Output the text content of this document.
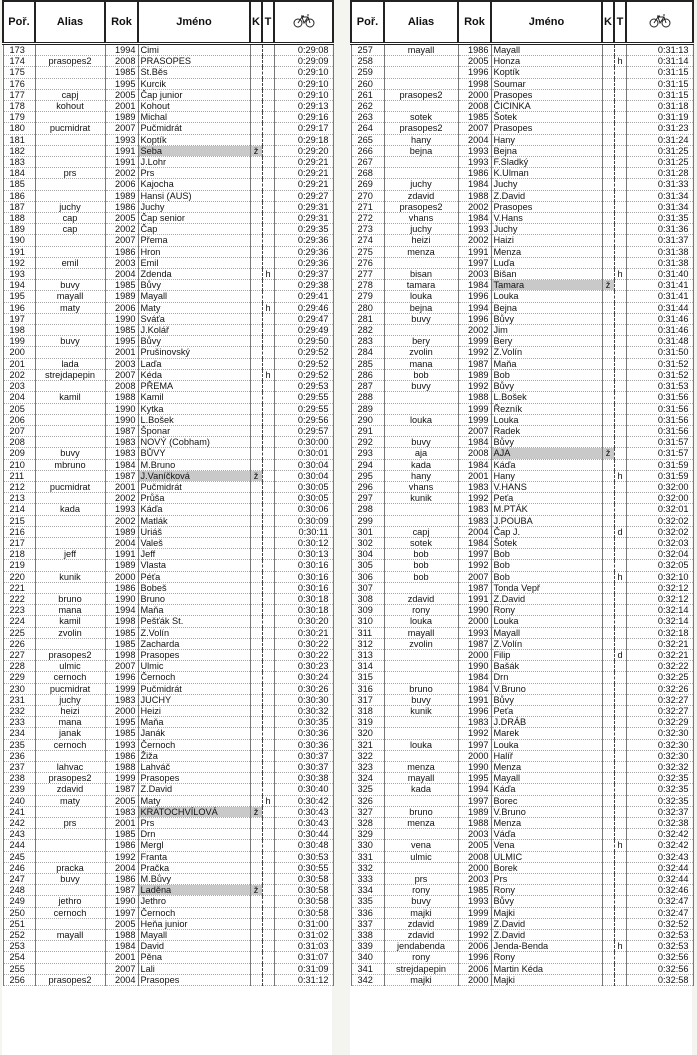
Poř.	Alias	Rok	Jméno	K	T	
173		1994	Cimi			0:29:08
174	prasopes2	2008	PRASOPES			0:29:09
175		1985	St.Běs			0:29:10
176		1995	Kurcik			0:29:10
177	capj	2005	Čap junior			0:29:10
178	kohout	2001	Kohout			0:29:13
179		1989	Michal			0:29:16
180	pucmidrat	2007	Pučmidrát			0:29:17
181		1993	Koptík			0:29:18
182		1991	Seba	ž		0:29:20
183		1991	J.Lohr			0:29:21
184	prs	2002	Prs			0:29:21
185		2006	Kajocha			0:29:21
186		1989	Hansi (AUS)			0:29:27
187	juchy	1986	Juchy			0:29:31
188	cap	2005	Čap senior			0:29:31
189	cap	2002	Čap			0:29:35
190		2007	Přema			0:29:36
191		1986	Hron			0:29:36
192	emil	2003	Emil			0:29:36
193		2004	Zdenda		h	0:29:37
194	buvy	1985	Bůvy			0:29:38
195	mayall	1989	Mayall			0:29:41
196	maty	2006	Maty		h	0:29:46
197		1990	Sváťa			0:29:47
198		1985	J.Kolář			0:29:49
199	buvy	1995	Bůvy			0:29:50
200		2001	Prušinovský			0:29:52
201	lada	2003	Laďa			0:29:52
202	strejdapepin	2007	Kéda		h	0:29:52
203		2008	PŘEMA			0:29:53
204	kamil	1988	Kamil			0:29:55
205		1990	Kytka			0:29:55
206		1990	L.Bošek			0:29:56
207		1987	Šponar			0:29:57
208		1983	NOVÝ (Cobham)			0:30:00
209	buvy	1983	BŮVY			0:30:01
210	mbruno	1984	M.Bruno			0:30:04
211		1987	J.Vaníčková	ž		0:30:04
212	pucmidrat	2001	Pučmidrát			0:30:05
213		2002	Průša			0:30:05
214	kada	1993	Káďa			0:30:06
215		2002	Matlák			0:30:09
216		1989	Uriáš			0:30:11
217		2004	Valeš			0:30:12
218	jeff	1991	Jeff			0:30:13
219		1989	Vlasta			0:30:16
220	kunik	2000	Péťa			0:30:16
221		1986	Bobeš			0:30:16
222	bruno	1990	Bruno			0:30:18
223	mana	1994	Maňa			0:30:18
224	kamil	1998	Pešťák St.			0:30:20
225	zvolin	1985	Z.Volín			0:30:21
226		1985	Zacharda			0:30:22
227	prasopes2	1998	Prasopes			0:30:22
228	ulmic	2007	Ulmic			0:30:23
229	cernoch	1996	Černoch			0:30:24
230	pucmidrat	1999	Pučmidrát			0:30:26
231	juchy	1983	JUCHY			0:30:30
232	heizi	2000	Heizi			0:30:32
233	mana	1995	Maňa			0:30:35
234	janak	1985	Janák			0:30:36
235	cernoch	1993	Černoch			0:30:36
236		1986	Žiža			0:30:37
237	lahvac	1988	Lahváč			0:30:37
238	prasopes2	1999	Prasopes			0:30:38
239	zdavid	1987	Z.David			0:30:40
240	maty	2005	Maty		h	0:30:42
241		1983	KRATOCHVÍLOVÁ	ž		0:30:43
242	prs	2001	Prs			0:30:43
243		1985	Drn			0:30:44
244		1986	Mergl			0:30:48
245		1992	Franta			0:30:53
246	pracka	2004	Pračka			0:30:55
247	buvy	1986	M.Bůvy			0:30:58
248		1987	Laděna	ž		0:30:58
249	jethro	1990	Jethro			0:30:58
250	cernoch	1997	Černoch			0:30:58
251		2005	Heňa junior			0:31:00
252	mayall	1988	Mayall			0:31:02
253		1984	David			0:31:03
254		2001	Pěna			0:31:07
255		2007	Lali			0:31:09
256	prasopes2	2004	Prasopes			0:31:12
Poř.	Alias	Rok	Jméno	K	T	
257	mayall	1986	Mayall			0:31:13
258		2005	Honza		h	0:31:14
259		1996	Koptík			0:31:15
260		1998	Soumar			0:31:15
261	prasopes2	2000	Prasopes			0:31:15
262		2008	ČICINKA			0:31:18
263	sotek	1985	Šotek			0:31:19
264	prasopes2	2007	Prasopes			0:31:23
265	hany	2004	Hany			0:31:24
266	bejna	1993	Bejna			0:31:25
267		1993	F.Sladký			0:31:25
268		1986	K.Ulman			0:31:28
269	juchy	1984	Juchy			0:31:33
270	zdavid	1988	Z.David			0:31:34
271	prasopes2	2002	Prasopes			0:31:34
272	vhans	1984	V.Hans			0:31:35
273	juchy	1993	Juchy			0:31:36
274	heizi	2002	Haizi			0:31:37
275	menza	1991	Menza			0:31:38
276		1997	Luďa			0:31:38
277	bisan	2003	Bišan		h	0:31:40
278	tamara	1984	Tamara	ž		0:31:41
279	louka	1996	Louka			0:31:41
280	bejna	1994	Bejna			0:31:44
281	buvy	1996	Bůvy			0:31:46
282		2002	Jim			0:31:46
283	bery	1999	Bery			0:31:48
284	zvolin	1992	Z.Volín			0:31:50
285	mana	1987	Maňa			0:31:52
286	bob	1989	Bob			0:31:52
287	buvy	1992	Bůvy			0:31:53
288		1988	L.Bošek			0:31:56
289		1999	Řezník			0:31:56
290	louka	1999	Louka			0:31:56
291		2007	Radek			0:31:56
292	buvy	1984	Bůvy			0:31:57
293	aja	2008	AJA	ž		0:31:57
294	kada	1984	Káďa			0:31:59
295	hany	2001	Hany		h	0:31:59
296	vhans	1983	V.HANS			0:32:00
297	kunik	1992	Peťa			0:32:00
298		1983	M.PTÁK			0:32:01
299		1983	J.POUBA			0:32:02
301	capj	2004	Čap J.		d	0:32:02
302	sotek	1984	Šotek			0:32:03
304	bob	1997	Bob			0:32:04
305	bob	1992	Bob			0:32:05
306	bob	2007	Bob		h	0:32:10
307		1987	Tonda Vepř			0:32:12
308	zdavid	1991	Z.David			0:32:12
309	rony	1990	Rony			0:32:14
310	louka	2000	Louka			0:32:14
311	mayall	1993	Mayall			0:32:18
312	zvolin	1987	Z.Volín			0:32:21
313		2000	Filip		d	0:32:21
314		1990	Bašák			0:32:22
315		1984	Drn			0:32:25
316	bruno	1984	V.Bruno			0:32:26
317	buvy	1991	Bůvy			0:32:27
318	kunik	1996	Peťa			0:32:27
319		1983	J.DRÁB			0:32:29
320		1992	Marek			0:32:30
321	louka	1997	Louka			0:32:30
322		2000	Halíř			0:32:30
323	menza	1990	Menza			0:32:32
324	mayall	1995	Mayall			0:32:35
325	kada	1994	Káďa			0:32:35
326		1997	Borec			0:32:35
327	bruno	1989	V.Bruno			0:32:37
328	menza	1988	Menza			0:32:38
329		2003	Váďa			0:32:42
330	vena	2005	Vena		h	0:32:42
331	ulmic	2008	ULMIC			0:32:43
332		2000	Borek			0:32:44
333	prs	2003	Prs			0:32:44
334	rony	1985	Rony			0:32:46
335	buvy	1993	Bůvy			0:32:47
336	majki	1999	Majki			0:32:47
337	zdavid	1989	Z.David			0:32:52
338	zdavid	1992	Z.David			0:32:53
339	jendabenda	2006	Jenda-Benda		h	0:32:53
340	rony	1996	Rony			0:32:56
341	strejdapepin	2006	Martin Kéda			0:32:56
342	majki	2000	Majki			0:32:58
